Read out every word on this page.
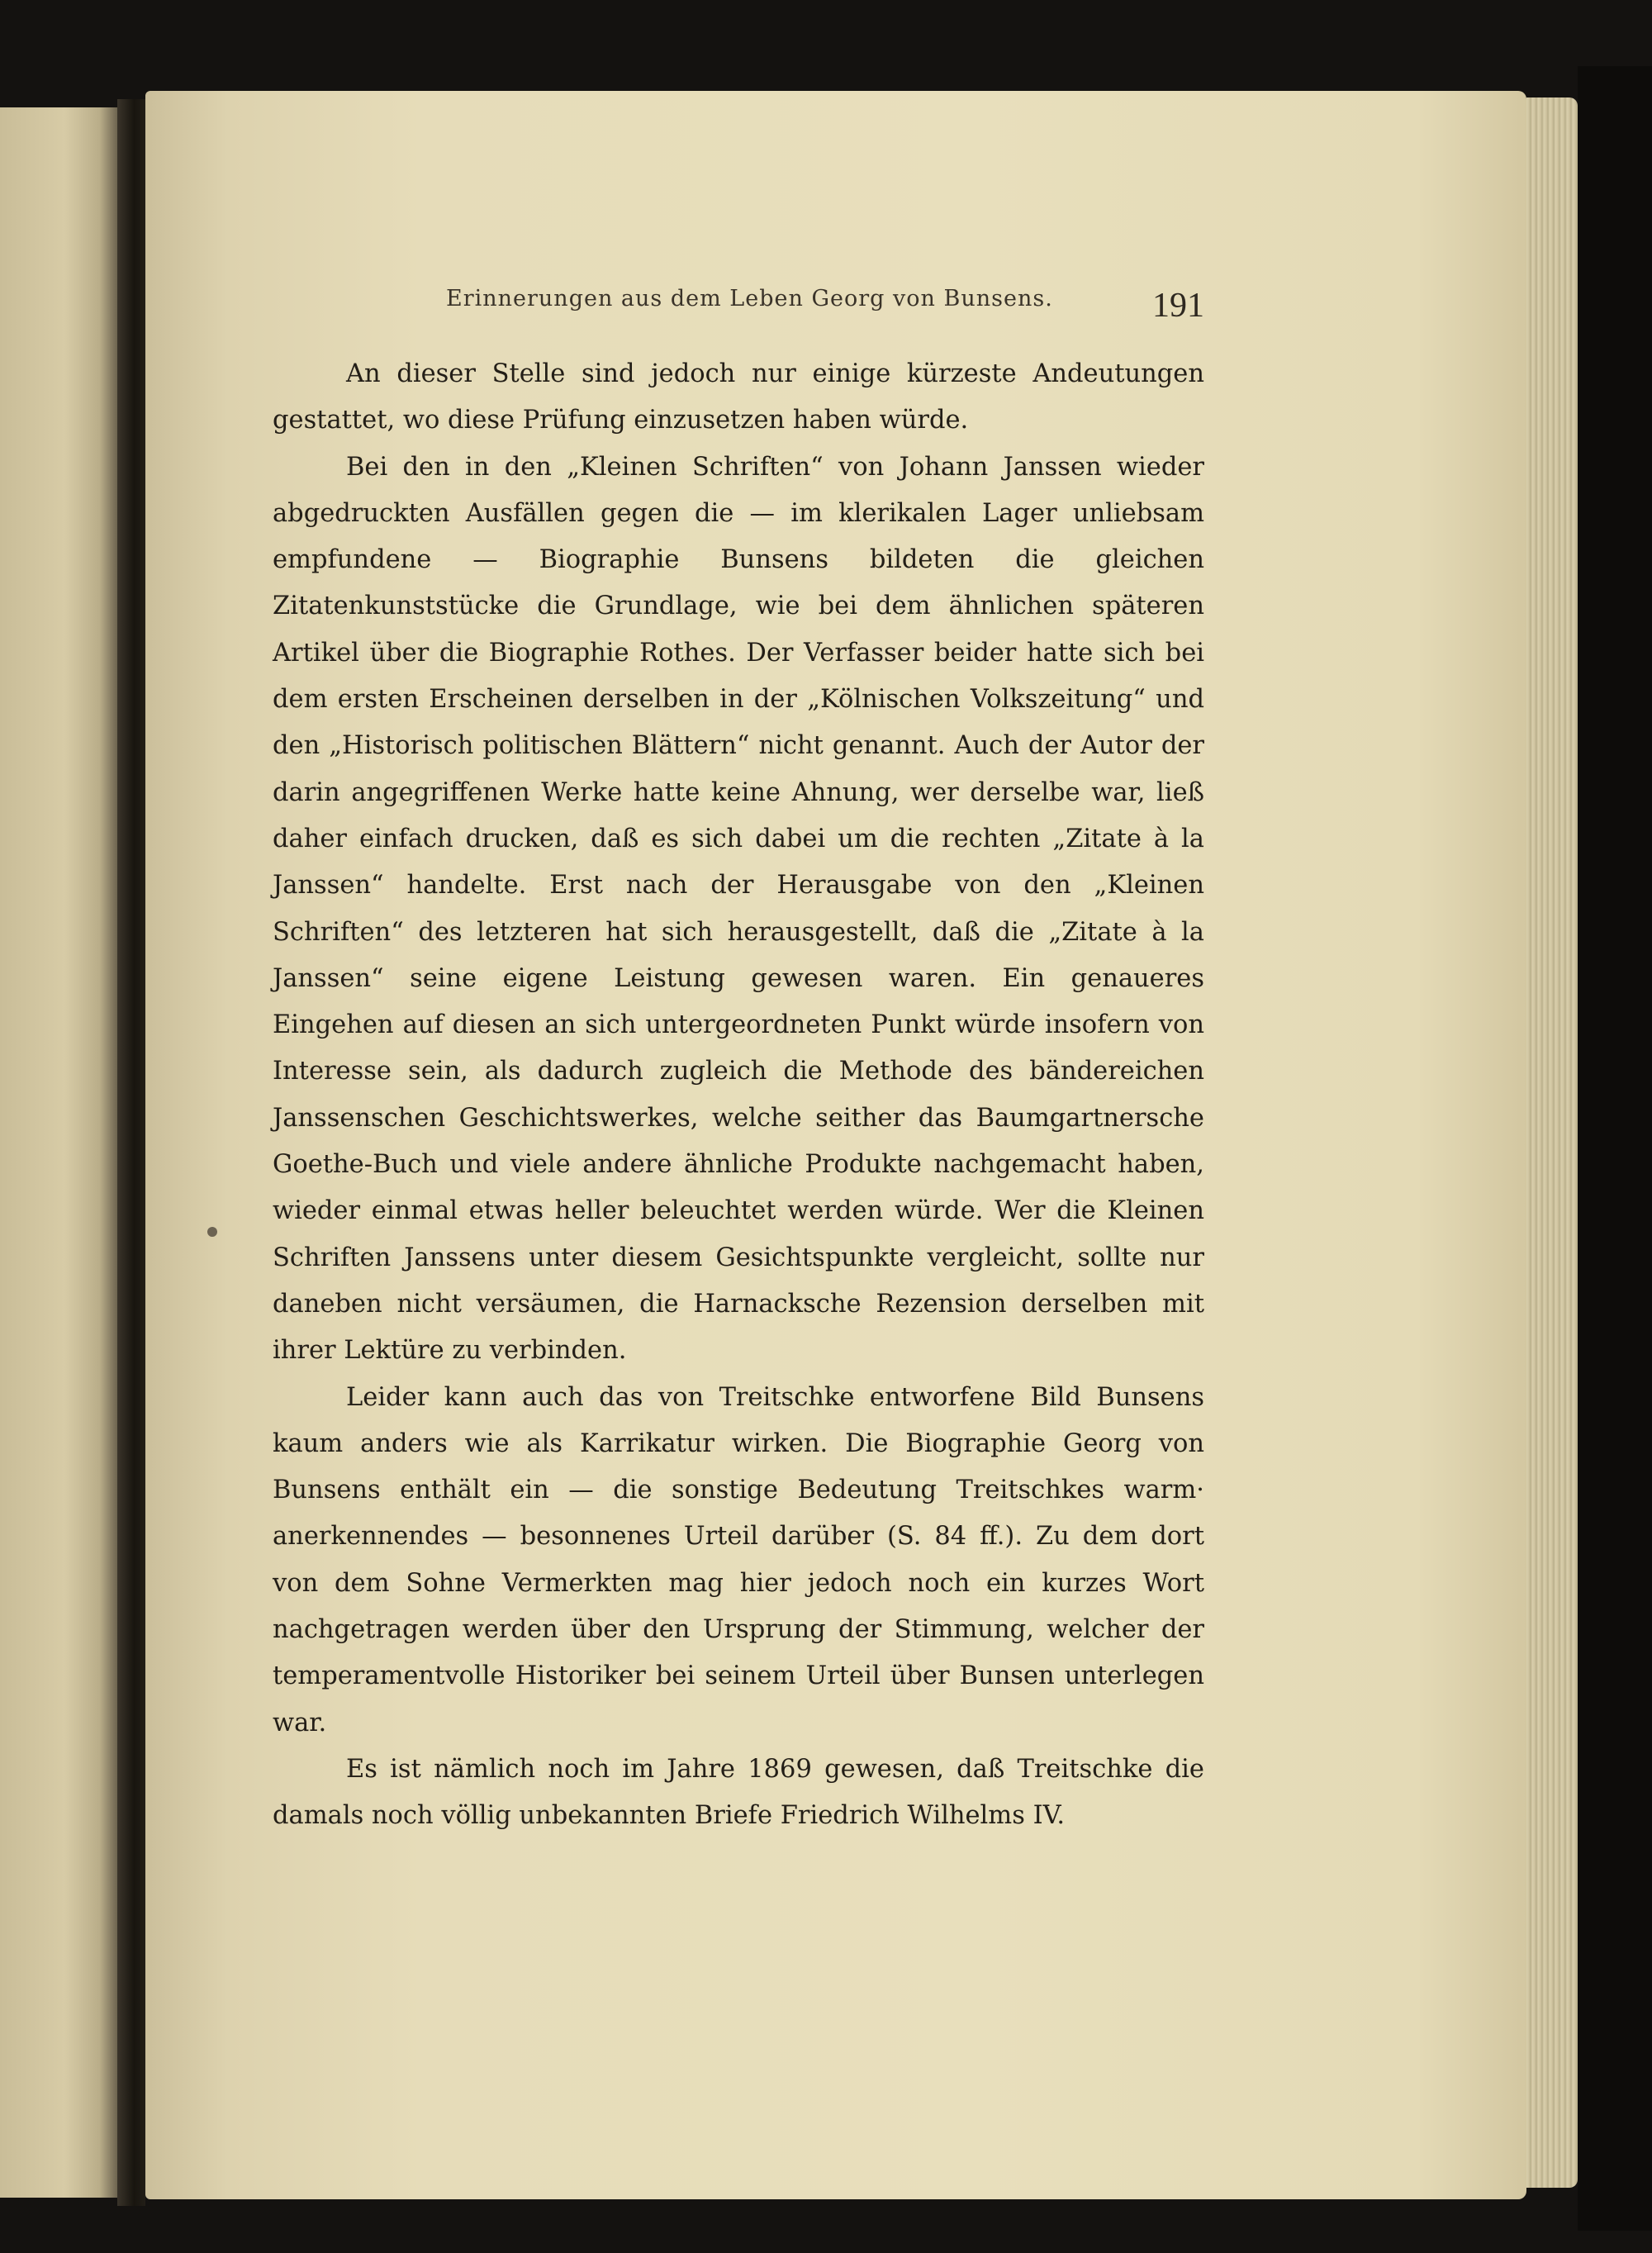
Erinnerungen aus dem Leben Georg von Bunsens.	191

An dieser Stelle sind jedoch nur einige kürzeste Andeutungen gestattet, wo diese Prüfung einzusetzen haben würde.

Bei den in den „Kleinen Schriften“ von Johann Janssen wieder abgedruckten Ausfällen gegen die — im klerikalen Lager unliebsam empfundene — Biographie Bunsens bildeten die gleichen Zitatenkunststücke die Grundlage, wie bei dem ähnlichen späteren Artikel über die Biographie Rothes. Der Verfasser beider hatte sich bei dem ersten Erscheinen derselben in der „Kölnischen Volkszeitung“ und den „Historisch politischen Blättern“ nicht genannt. Auch der Autor der darin angegriffenen Werke hatte keine Ahnung, wer derselbe war, ließ daher einfach drucken, daß es sich dabei um die rechten „Zitate à la Janssen“ handelte. Erst nach der Herausgabe von den „Kleinen Schriften“ des letzteren hat sich herausgestellt, daß die „Zitate à la Janssen“ seine eigene Leistung gewesen waren. Ein genaueres Eingehen auf diesen an sich untergeordneten Punkt würde insofern von Interesse sein, als dadurch zugleich die Methode des bändereichen Janssenschen Geschichtswerkes, welche seither das Baumgartnersche Goethe-Buch und viele andere ähnliche Produkte nachgemacht haben, wieder einmal etwas heller beleuchtet werden würde. Wer die Kleinen Schriften Janssens unter diesem Gesichtspunkte vergleicht, sollte nur daneben nicht versäumen, die Harnacksche Rezension derselben mit ihrer Lektüre zu verbinden.

Leider kann auch das von Treitschke entworfene Bild Bunsens kaum anders wie als Karrikatur wirken. Die Biographie Georg von Bunsens enthält ein — die sonstige Bedeutung Treitschkes warm· anerkennendes — besonnenes Urteil darüber (S. 84 ff.). Zu dem dort von dem Sohne Vermerkten mag hier jedoch noch ein kurzes Wort nachgetragen werden über den Ursprung der Stimmung, welcher der temperamentvolle Historiker bei seinem Urteil über Bunsen unterlegen war.

Es ist nämlich noch im Jahre 1869 gewesen, daß Treitschke die damals noch völlig unbekannten Briefe Friedrich Wilhelms IV.
